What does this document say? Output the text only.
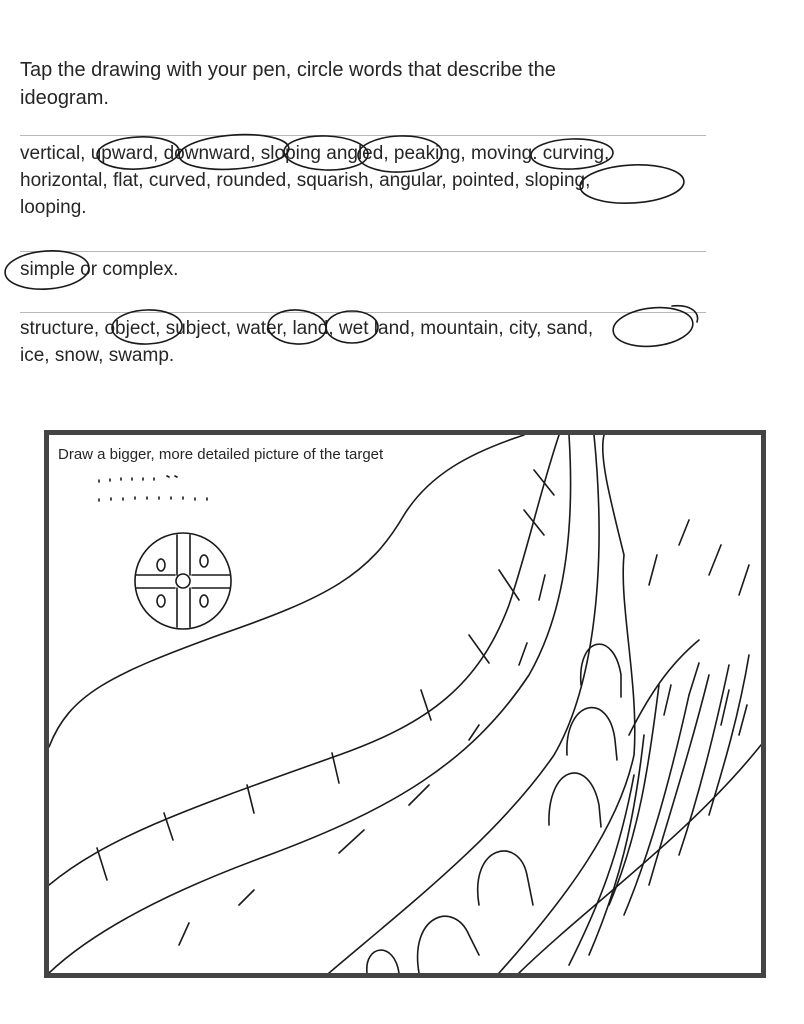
Tap the drawing with your pen, circle words that describe the
ideogram.

vertical, upward, downward, sloping angled, peaking, moving. curving,
horizontal, flat, curved, rounded, squarish, angular, pointed, sloping,
looping.

simple or complex.

structure, object, subject, water, land, wet land, mountain, city, sand,
ice, snow, swamp.

Draw a bigger, more detailed picture of the target
